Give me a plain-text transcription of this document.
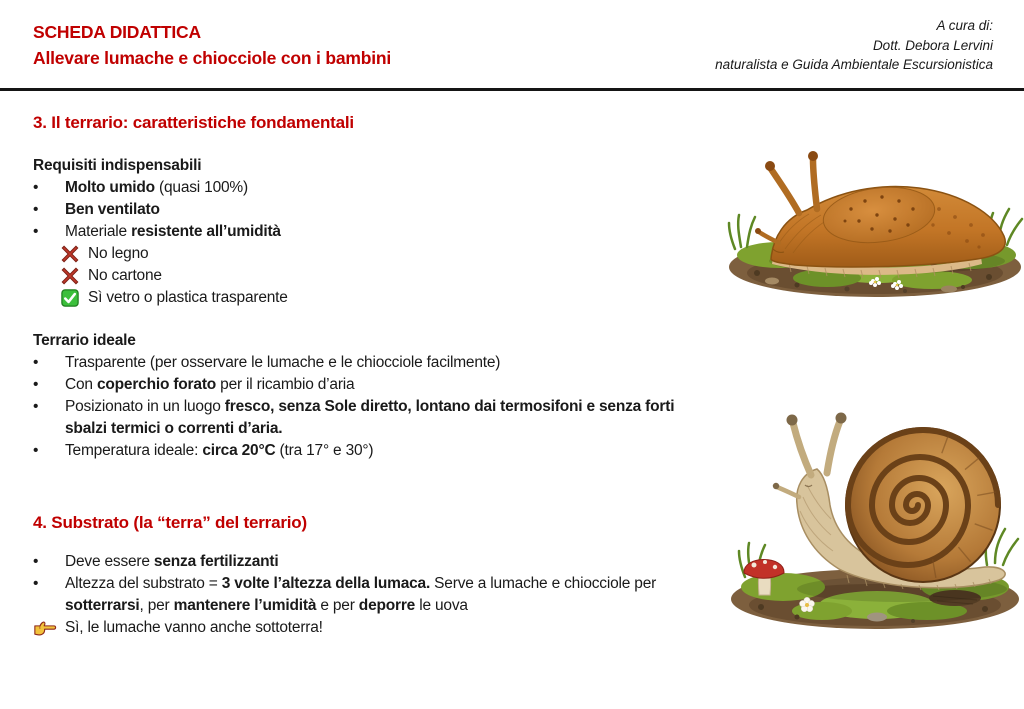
SCHEDA DIDATTICA
Allevare lumache e chiocciole con i bambini
A cura di:
Dott. Debora Lervini
naturalista e Guida Ambientale Escursionistica
3. Il terrario: caratteristiche fondamentali
Requisiti indispensabili
•	Molto umido (quasi 100%)
•	Ben ventilato
•	Materiale resistente all’umidità
No legno
No cartone
Sì vetro o plastica trasparente
Terrario ideale
•	Trasparente (per osservare le lumache e le chiocciole facilmente)
•	Con coperchio forato per il ricambio d’aria
•	Posizionato in un luogo fresco, senza Sole diretto, lontano dai termosifoni e senza forti
sbalzi termici o correnti d’aria.
•	Temperatura ideale: circa 20°C (tra 17° e 30°)
4. Substrato (la “terra” del terrario)
•	Deve essere senza fertilizzanti
•	Altezza del substrato = 3 volte l’altezza della lumaca. Serve a lumache e chiocciole per
sotterrarsi, per mantenere l’umidità e per deporre le uova
Sì, le lumache vanno anche sottoterra!
